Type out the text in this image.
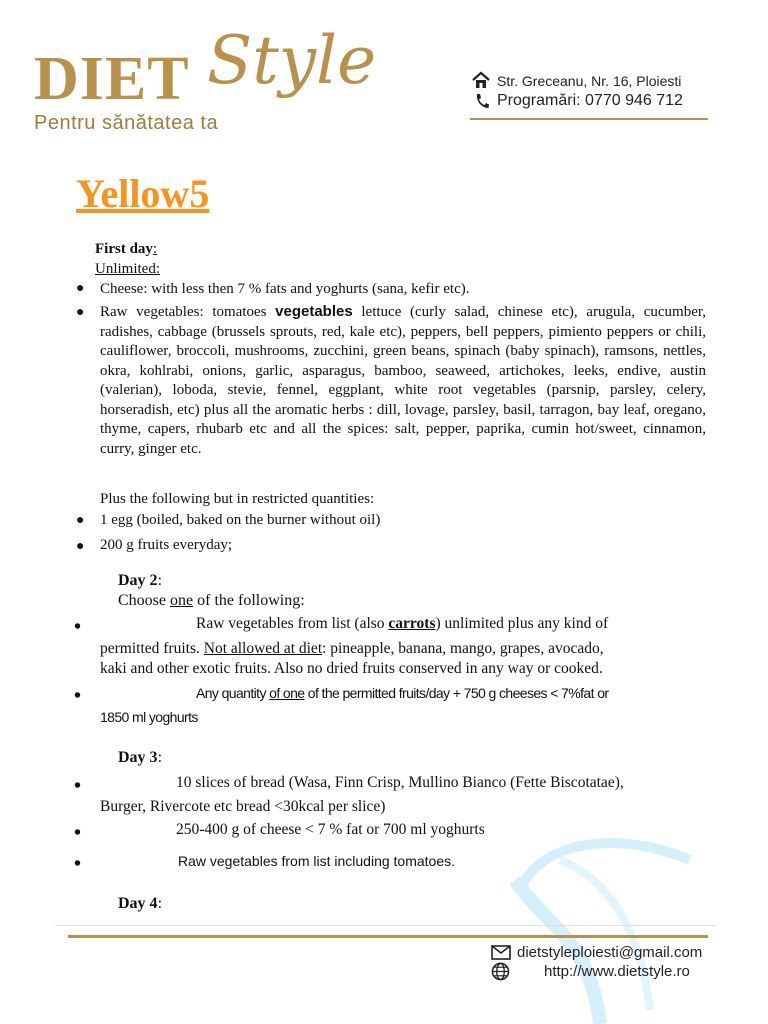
DIET Style
Pentru sănătatea ta
Str. Greceanu, Nr. 16, Ploiesti
Programări: 0770 946 712
Yellow5
First day:
Unlimited:
● Cheese: with less then 7 % fats and yoghurts (sana, kefir etc).
● Raw vegetables: tomatoes vegetables lettuce (curly salad, chinese etc), arugula, cucumber, radishes, cabbage (brussels sprouts, red, kale etc), peppers, bell peppers, pimiento peppers or chili, cauliflower, broccoli, mushrooms, zucchini, green beans, spinach (baby spinach), ramsons, nettles, okra, kohlrabi, onions, garlic, asparagus, bamboo, seaweed, artichokes, leeks, endive, austin (valerian), loboda, stevie, fennel, eggplant, white root vegetables (parsnip, parsley, celery, horseradish, etc) plus all the aromatic herbs : dill, lovage, parsley, basil, tarragon, bay leaf, oregano, thyme, capers, rhubarb etc and all the spices: salt, pepper, paprika, cumin hot/sweet, cinnamon, curry, ginger etc.
Plus the following but in restricted quantities:
● 1 egg (boiled, baked on the burner without oil)
● 200 g fruits everyday;
Day 2:
Choose one of the following:
•	Raw vegetables from list (also carrots) unlimited plus any kind of
permitted fruits. Not allowed at diet: pineapple, banana, mango, grapes, avocado,
kaki and other exotic fruits. Also no dried fruits conserved in any way or cooked.
•	Any quantity of one of the permitted fruits/day + 750 g cheeses < 7%fat or
1850 ml yoghurts
Day 3:
•	10 slices of bread (Wasa, Finn Crisp, Mullino Bianco (Fette Biscotatae),
Burger, Rivercote etc bread <30kcal per slice)
•	250-400 g of cheese < 7 % fat or 700 ml yoghurts
•	Raw vegetables from list including tomatoes.
Day 4:
dietstyleploiesti@gmail.com
http://www.dietstyle.ro
